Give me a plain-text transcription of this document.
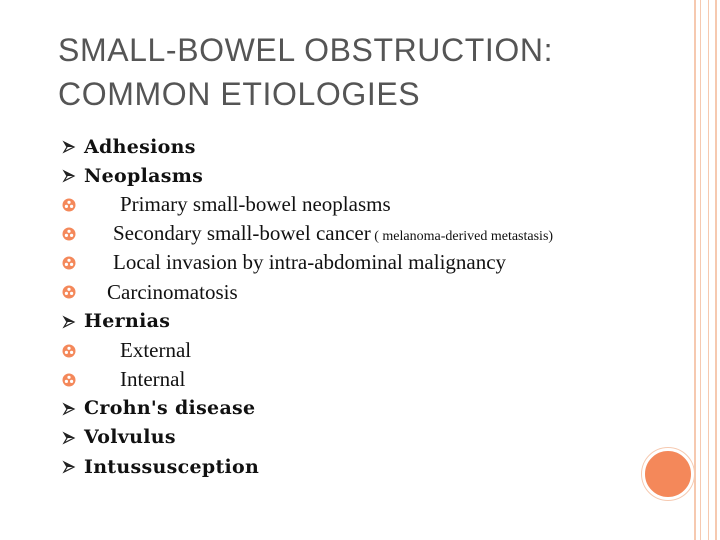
SMALL-BOWEL OBSTRUCTION:
COMMON ETIOLOGIES
Adhesions
Neoplasms
Primary small-bowel neoplasms
Secondary small-bowel cancer ( melanoma-derived metastasis)
Local invasion by intra-abdominal malignancy
Carcinomatosis
Hernias
External
Internal
Crohn's disease
Volvulus
Intussusception
